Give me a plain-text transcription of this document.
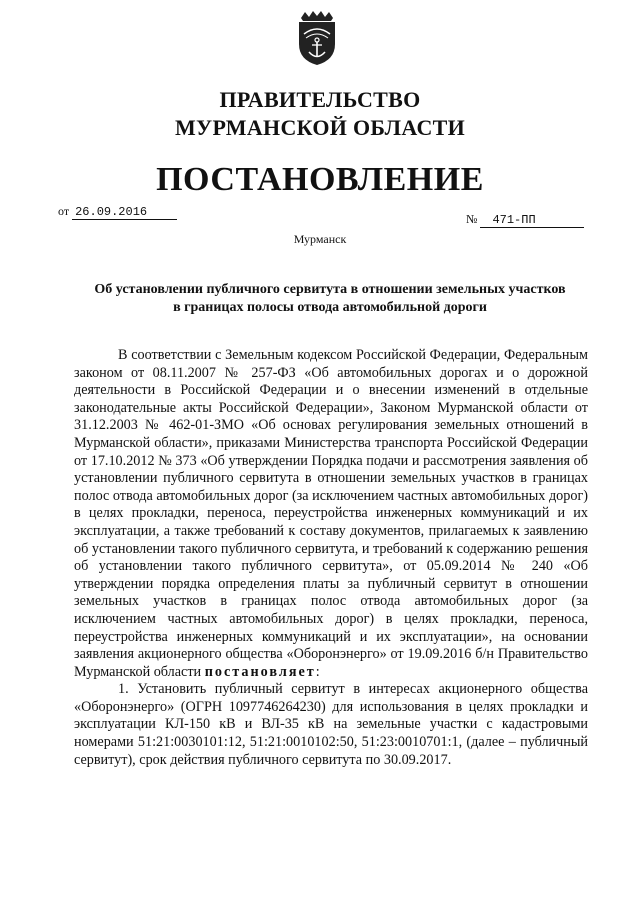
ПРАВИТЕЛЬСТВО
МУРМАНСКОЙ ОБЛАСТИ
ПОСТАНОВЛЕНИЕ
от 26.09.2016	№ 471-ПП
Мурманск
Об установлении публичного сервитута в отношении земельных участков
в границах полосы отвода автомобильной дороги

В соответствии с Земельным кодексом Российской Федерации, Федеральным законом от 08.11.2007 № 257-ФЗ «Об автомобильных дорогах и о дорожной деятельности в Российской Федерации и о внесении изменений в отдельные законодательные акты Российской Федерации», Законом Мурманской области от 31.12.2003 № 462-01-ЗМО «Об основах регулирования земельных отношений в Мурманской области», приказами Министерства транспорта Российской Федерации от 17.10.2012 № 373 «Об утверждении Порядка подачи и рассмотрения заявления об установлении публичного сервитута в отношении земельных участков в границах полос отвода автомобильных дорог (за исключением частных автомобильных дорог) в целях прокладки, переноса, переустройства инженерных коммуникаций и их эксплуатации, а также требований к составу документов, прилагаемых к заявлению об установлении такого публичного сервитута, и требований к содержанию решения об установлении такого публичного сервитута», от 05.09.2014 № 240 «Об утверждении порядка определения платы за публичный сервитут в отношении земельных участков в границах полос отвода автомобильных дорог (за исключением частных автомобильных дорог) в целях прокладки, переноса, переустройства инженерных коммуникаций и их эксплуатации», на основании заявления акционерного общества «Оборонэнерго» от 19.09.2016 б/н Правительство Мурманской области постановляет:

1. Установить публичный сервитут в интересах акционерного общества «Оборонэнерго» (ОГРН 1097746264230) для использования в целях прокладки и эксплуатации КЛ-150 кВ и ВЛ-35 кВ на земельные участки с кадастровыми номерами 51:21:0030101:12, 51:21:0010102:50, 51:23:0010701:1, (далее – публичный сервитут), срок действия публичного сервитута по 30.09.2017.
